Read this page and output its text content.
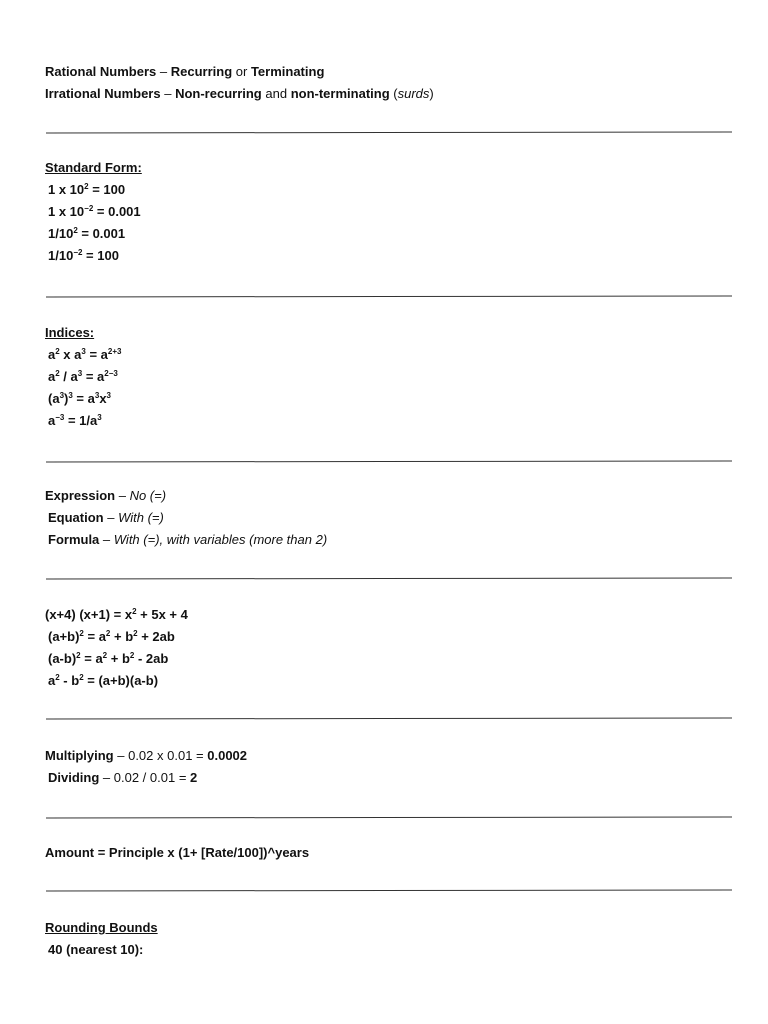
Rational Numbers – Recurring or Terminating
Irrational Numbers – Non-recurring and non-terminating (surds)
Standard Form:
1 x $10^2 = 100$
1 x $10^{-2} = 0.001$
$1/10^2 = 0.001$
$1/10^{-2} = 100$
Indices:
$a^2$ x $a^3 = a^{2+3}$
$a^2 / a^3 = a^{2-3}$
$(a^3)^3 = a^3x^3$
$a^{-3} = 1/a^3$
Expression – No (=)
Equation – With (=)
Formula – With (=), with variables (more than 2)
(x+4) $(x+1) = x^2 + 5x + 4$
$(a+b)^2 = a^2 + b^2 + 2ab$
$(a-b)^2 = a^2 + b^2 - 2ab$
$a^2 - b^2 = (a+b)(a-b)$
Multiplying – 0.02 x 0.01 = 0.0002
Dividing – 0.02 / 0.01 = 2
Amount = Principle x (1+ [Rate/100])^years
Rounding Bounds
40 (nearest 10):
